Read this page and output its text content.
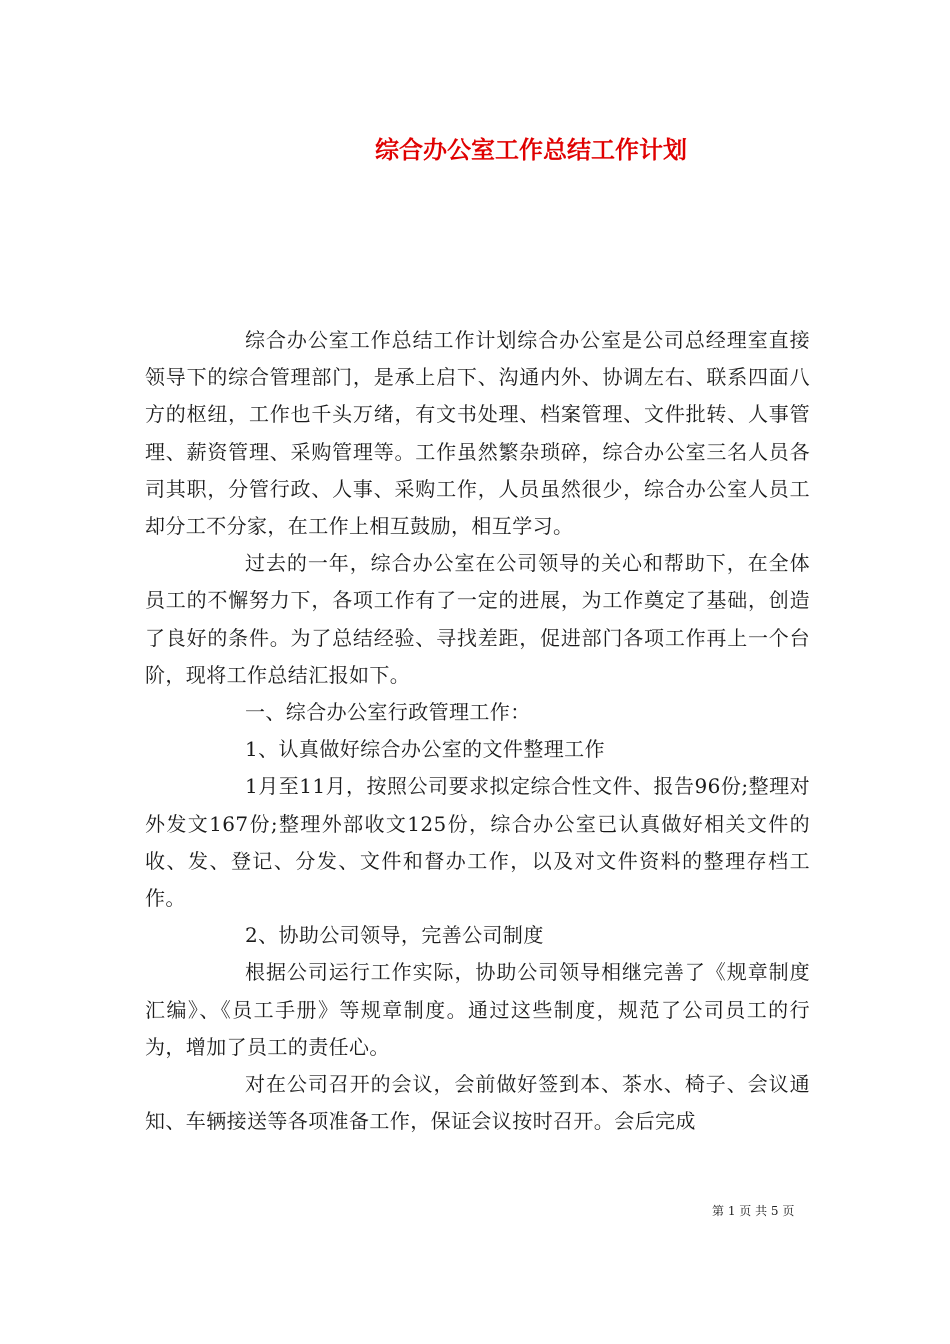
综合办公室工作总结工作计划

综合办公室工作总结工作计划综合办公室是公司总经理室直接领导下的综合管理部门，是承上启下、沟通内外、协调左右、联系四面八方的枢纽，工作也千头万绪，有文书处理、档案管理、文件批转、人事管理、薪资管理、采购管理等。工作虽然繁杂琐碎，综合办公室三名人员各司其职，分管行政、人事、采购工作，人员虽然很少，综合办公室人员工却分工不分家，在工作上相互鼓励，相互学习。

过去的一年，综合办公室在公司领导的关心和帮助下，在全体员工的不懈努力下，各项工作有了一定的进展，为工作奠定了基础，创造了良好的条件。为了总结经验、寻找差距，促进部门各项工作再上一个台阶，现将工作总结汇报如下。

一、综合办公室行政管理工作：

1、认真做好综合办公室的文件整理工作

1月至11月，按照公司要求拟定综合性文件、报告96份;整理对外发文167份;整理外部收文125份，综合办公室已认真做好相关文件的收、发、登记、分发、文件和督办工作，以及对文件资料的整理存档工作。

2、协助公司领导，完善公司制度

根据公司运行工作实际，协助公司领导相继完善了《规章制度汇编》、《员工手册》等规章制度。通过这些制度，规范了公司员工的行为，增加了员工的责任心。

对在公司召开的会议，会前做好签到本、茶水、椅子、会议通知、车辆接送等各项准备工作，保证会议按时召开。会后完成

第 1 页 共 5 页
